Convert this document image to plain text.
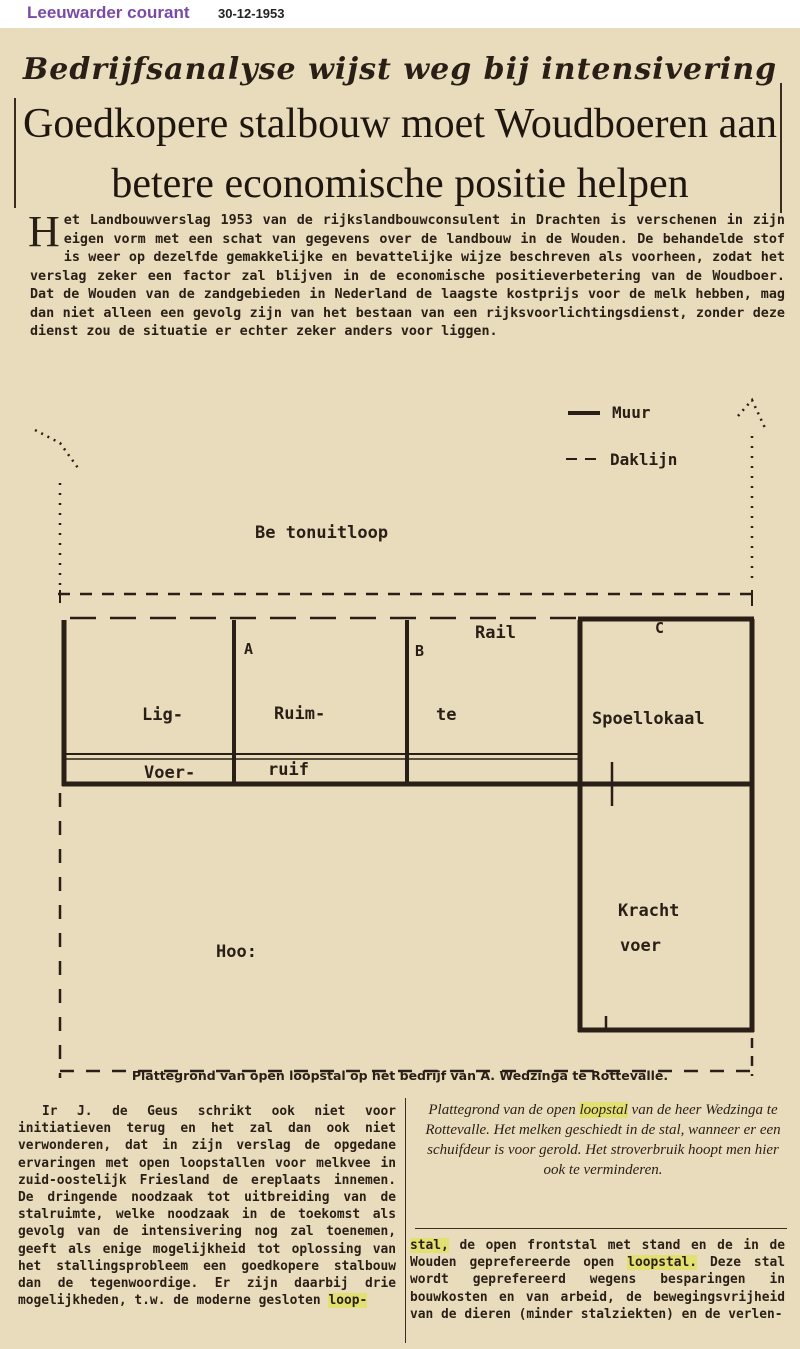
Leeuwarder courant 30-12-1953
Bedrijfsanalyse wijst weg bij intensivering
Goedkopere stalbouw moet Woudboeren aan
betere economische positie helpen
Het Landbouwverslag 1953 van de rijkslandbouwconsulent in Drachten is verschenen in zijn eigen vorm met een schat van gegevens over de landbouw in de Wouden. De behandelde stof is weer op dezelfde gemakkelijke en bevattelijke wijze beschreven als voorheen, zodat het verslag zeker een factor zal blijven in de economische positieverbetering van de Woudboer. Dat de Wouden van de zandgebieden in Nederland de laagste kostprijs voor de melk hebben, mag dan niet alleen een gevolg zijn van het bestaan van een rijksvoorlichtingsdienst, zonder deze dienst zou de situatie er echter zeker anders voor liggen.
Muur
Daklijn
Be tonuitloop
A	B
C
Rail
Lig-	Ruim-	te	Spoellokaal
Voer-	ruif
Kracht
voer
Hoo:
Plattegrond van open loopstal op het bedrijf van A. Wedzinga te Rottevalle.
Ir J. de Geus schrikt ook niet voor initiatieven terug en het zal dan ook niet verwonderen, dat in zijn verslag de opgedane ervaringen met open loopstallen voor melkvee in zuid-oostelijk Friesland de ereplaats innemen. De dringende noodzaak tot uitbreiding van de stalruimte, welke noodzaak in de toekomst als gevolg van de intensivering nog zal toenemen, geeft als enige mogelijkheid tot oplossing van het stallingsprobleem een goedkopere stalbouw dan de tegenwoordige. Er zijn daarbij drie mogelijkheden, t.w. de moderne gesloten loop-
Plattegrond van de open loopstal van de heer Wedzinga te Rottevalle. Het melken geschiedt in de stal, wanneer er een schuifdeur is voor gerold. Het stroverbruik hoopt men hier ook te verminderen.
stal, de open frontstal met stand en de in de Wouden geprefereerde open loopstal. Deze stal wordt geprefereerd wegens besparingen in bouwkosten en van arbeid, de bewegingsvrijheid van de dieren (minder stalziekten) en de verlen-
